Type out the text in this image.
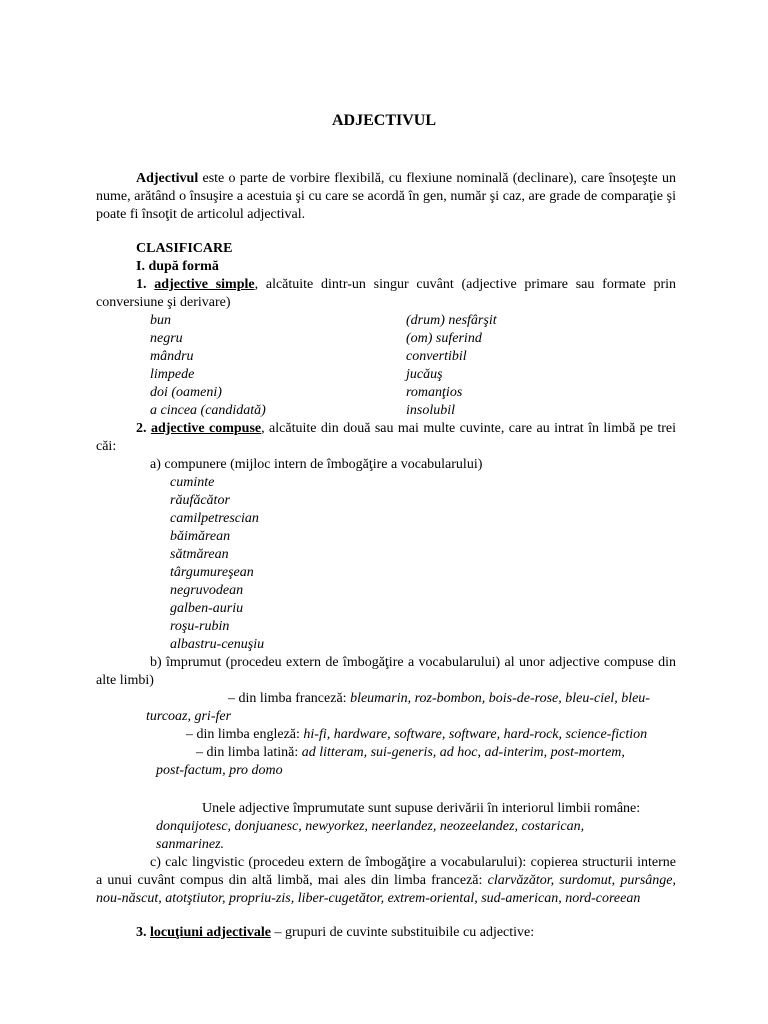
ADJECTIVUL
Adjectivul este o parte de vorbire flexibilă, cu flexiune nominală (declinare), care însoţeşte un nume, arătând o însuşire a acestuia şi cu care se acordă în gen, număr şi caz, are grade de comparaţie şi poate fi însoţit de articolul adjectival.
CLASIFICARE
I. după formă
1. adjective simple, alcătuite dintr-un singur cuvânt (adjective primare sau formate prin conversiune şi derivare)
bun	(drum) nesfârşit
negru	(om) suferind
mândru	convertibil
limpede	jucăuş
doi (oameni)	romanţios
a cincea (candidată)	insolubil
2. adjective compuse, alcătuite din două sau mai multe cuvinte, care au intrat în limbă pe trei căi:
a) compunere (mijloc intern de îmbogăţire a vocabularului)
cuminte
răufăcător
camilpetrescian
băimărean
sătmărean
târgumureşean
negruvodean
galben-auriu
roşu-rubin
albastru-cenuşiu
b) împrumut (procedeu extern de îmbogăţire a vocabularului) al unor adjective compuse din alte limbi)
– din limba franceză: bleumarin, roz-bombon, bois-de-rose, bleu-ciel, bleu-
turcoaz, gri-fer
– din limba engleză: hi-fi, hardware, software, software, hard-rock, science-fiction
– din limba latină: ad litteram, sui-generis, ad hoc, ad-interim, post-mortem,
post-factum, pro domo
Unele adjective împrumutate sunt supuse derivării în interiorul limbii române:
donquijotesc, donjuanesc, newyorkez, neerlandez, neozeelandez, costarican,
sanmarinez.
c) calc lingvistic (procedeu extern de îmbogăţire a vocabularului): copierea structurii interne a unui cuvânt compus din altă limbă, mai ales din limba franceză: clarvăzător, surdomut, pursânge, nou-născut, atotştiutor, propriu-zis, liber-cugetător, extrem-oriental, sud-american, nord-coreean
3. locuţiuni adjectivale – grupuri de cuvinte substituibile cu adjective:
